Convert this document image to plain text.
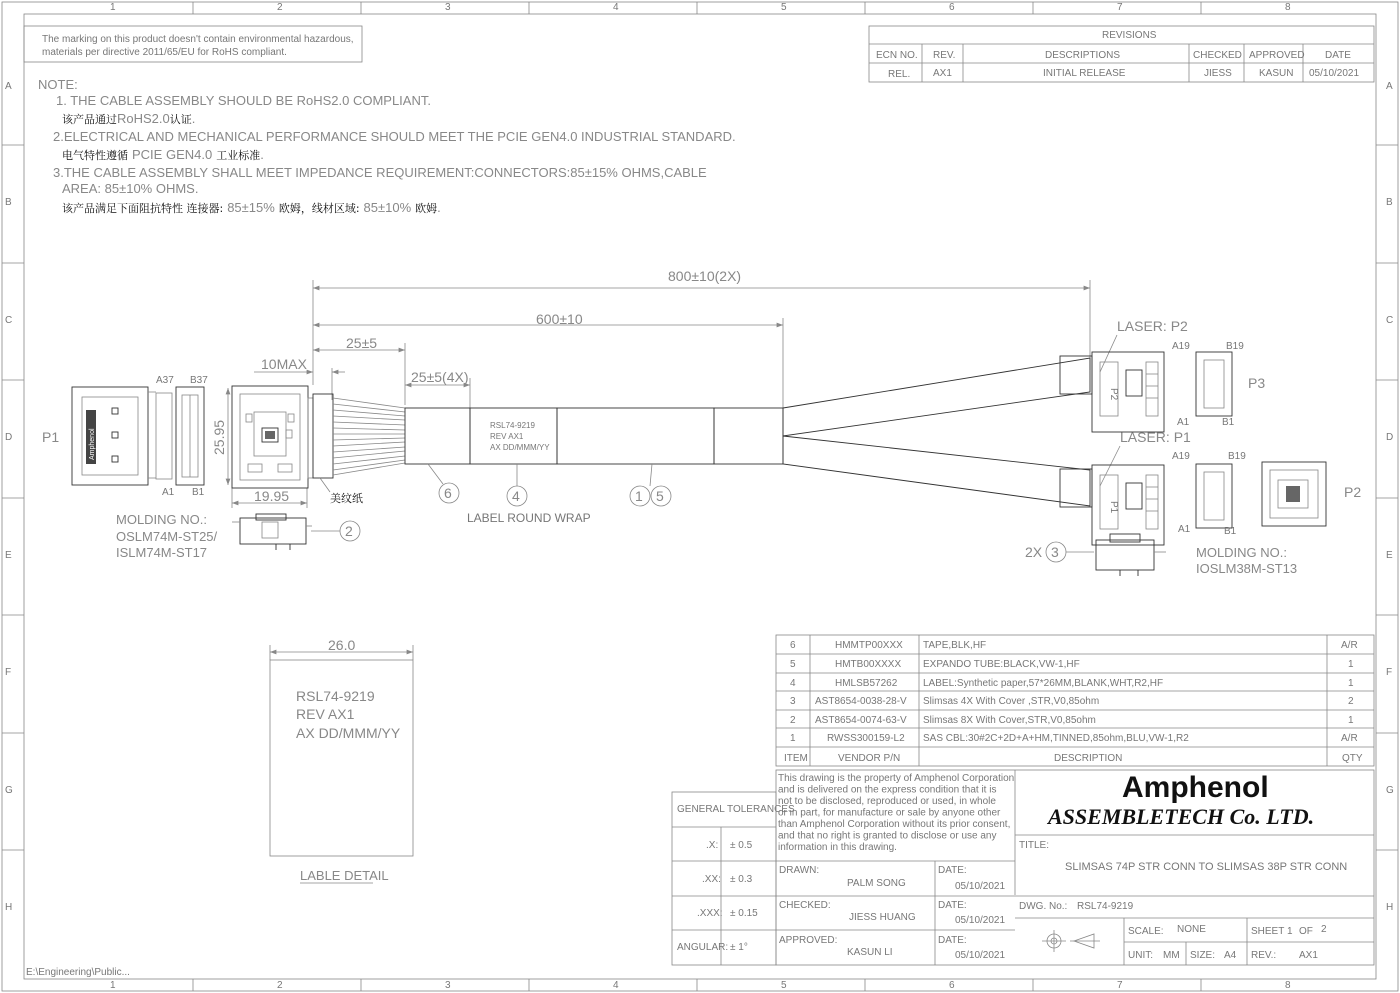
1	2	3	4	5	6	7	8
1	2	3	4	5	6	7	8
A
B
C
D
E
F
G
H
A
B
C
D
E
F
G
H
The marking on this product doesn't contain environmental hazardous,
materials per directive 2011/65/EU for RoHS compliant.
REVISIONS
ECN NO. REV.	DESCRIPTIONS	CHECKED APPROVED DATE
REL. AX1	INITIAL RELEASE	JIESS	KASUN 05/10/2021
NOTE:
1. THE CABLE ASSEMBLY SHOULD BE RoHS2.0 COMPLIANT.
该产品通过RoHS2.0认证.
2.ELECTRICAL AND MECHANICAL PERFORMANCE SHOULD MEET THE PCIE GEN4.0 INDUSTRIAL STANDARD.
电气特性遵循 PCIE GEN4.0 工业标准.
3.THE CABLE ASSEMBLY SHALL MEET IMPEDANCE REQUIREMENT:CONNECTORS:85±15% OHMS,CABLE
AREA: 85±10% OHMS.
该产品满足下面阻抗特性 连接器: 85±15% 欧姆，线材区域: 85±10% 欧姆.
800±10(2X)
600±10
25±5
25±5(4X)
10MAX
25.95
19.95
P1	Amphenol
A37 B37
A1 B1
RSL74-9219
REV AX1
AX DD/MMM/YY
美纹纸	6	4
LABEL ROUND WRAP
1 5
2
2X 3
MOLDING NO.:
OSLM74M-ST25/
ISLM74M-ST17
LASER: P2
P2
A19	B19
A1	B1
P3
LASER: P1
P1
A19	B19
A1	B1
P2
MOLDING NO.:
IOSLM38M-ST13
26.0
RSL74-9219
REV AX1
AX DD/MMM/YY
LABLE DETAIL
6	HMMTP00XXX TAPE,BLK,HF	A/R
5	HMTB00XXXX EXPANDO TUBE:BLACK,VW-1,HF	1
4	HMLSB57262	LABEL:Synthetic paper,57*26MM,BLANK,WHT,R2,HF	1
3 AST8654-0038-28-V Slimsas 4X With Cover ,STR,V0,85ohm	2
2 AST8654-0074-63-V Slimsas 8X With Cover,STR,V0,85ohm	1
1	RWSS300159-L2 SAS CBL:30#2C+2D+A+HM,TINNED,85ohm,BLU,VW-1,R2	A/R
ITEM	VENDOR P/N	DESCRIPTION	QTY
GENERAL TOLERANCES
.X: ± 0.5
.XX: ± 0.3
.XXX: ± 0.15
ANGULAR: ± 1°
This drawing is the property of Amphenol Corporation
and is delivered on the express condition that it is
not to be disclosed, reproduced or used, in whole
or in part, for manufacture or sale by anyone other
than Amphenol Corporation without its prior consent,
and that no right is granted to disclose or use any
information in this drawing.
Amphenol
ASSEMBLETECH Co. LTD.
TITLE:
SLIMSAS 74P STR CONN TO SLIMSAS 38P STR CONN
DRAWN:
PALM SONG
DATE:
05/10/2021
CHECKED:
JIESS HUANG
DATE:
05/10/2021
APPROVED:
KASUN LI
DATE:
05/10/2021
DWG. No.: RSL74-9219
SCALE: NONE	SHEET 1 OF 2
UNIT: MM SIZE: A4 REV.: AX1
E:\Engineering\Public...
